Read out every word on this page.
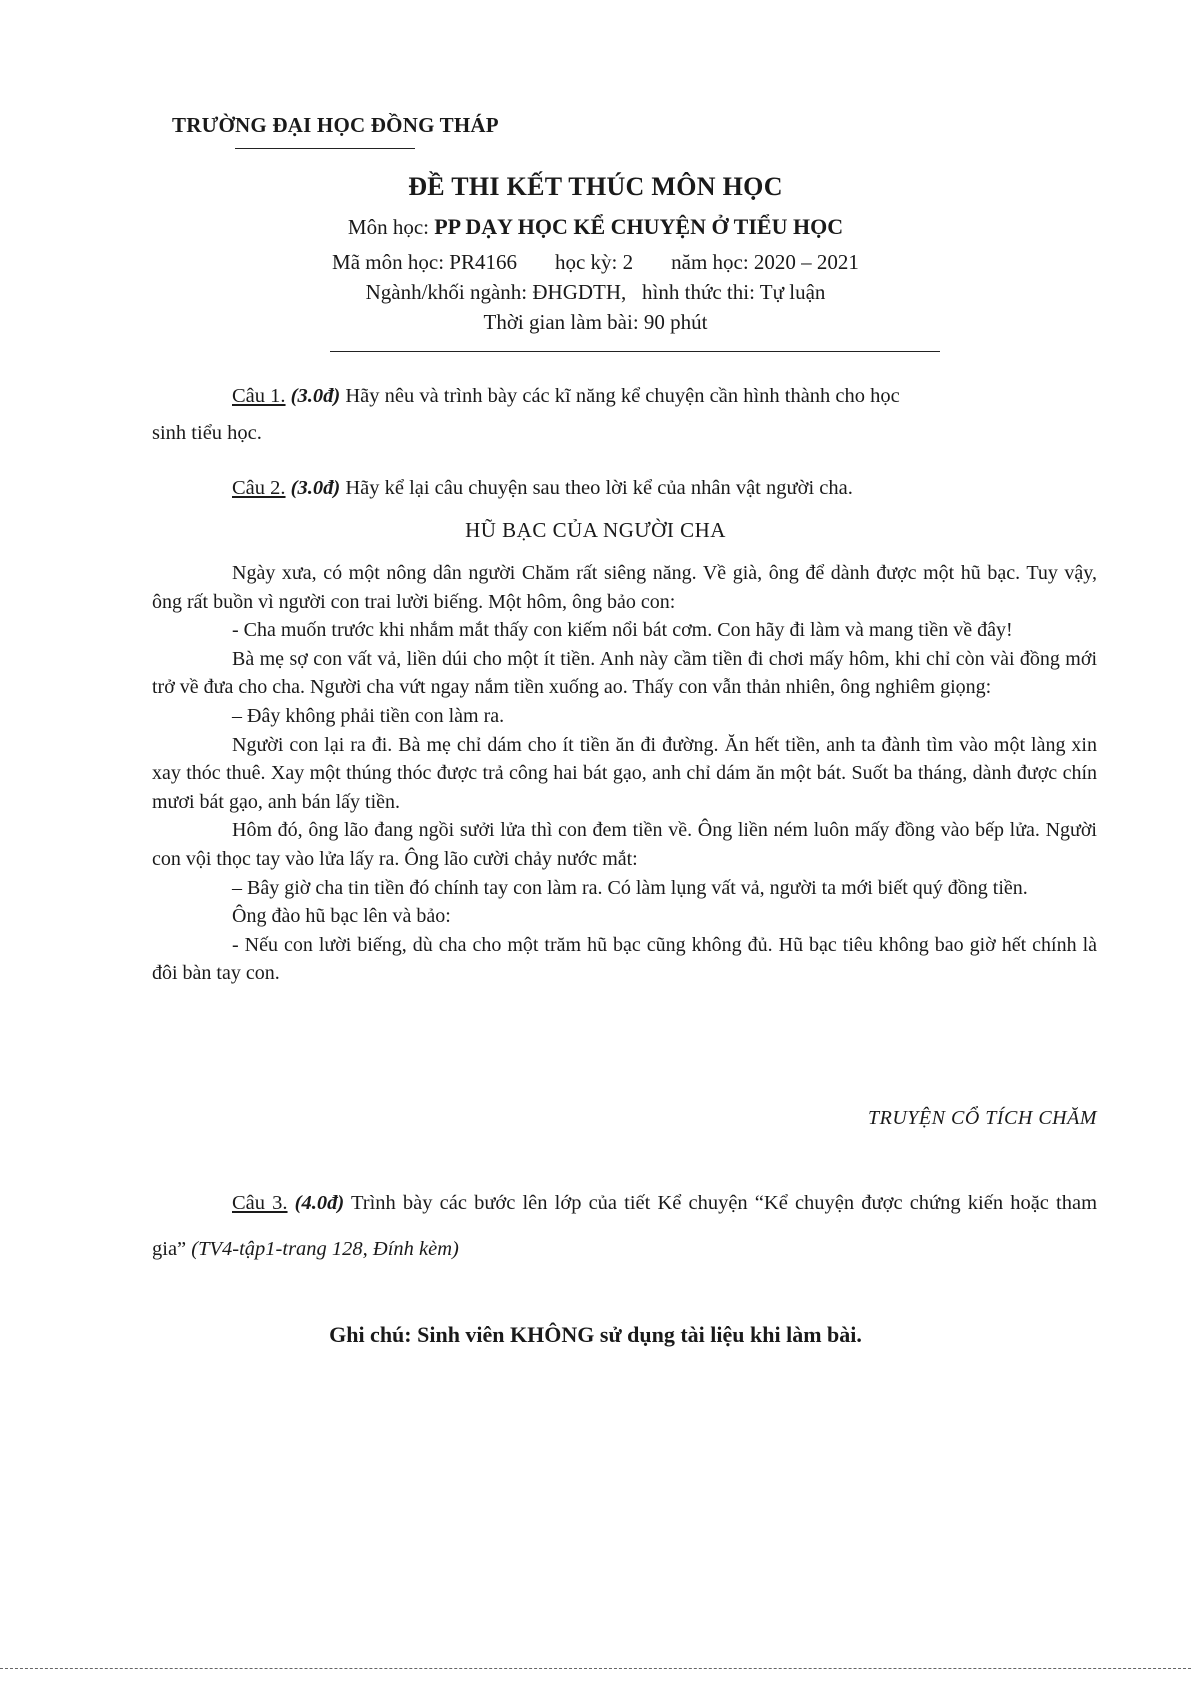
TRƯỜNG ĐẠI HỌC ĐỒNG THÁP
ĐỀ THI KẾT THÚC MÔN HỌC
Môn học: PP DẠY HỌC KỂ CHUYỆN Ở TIỂU HỌC
Mã môn học: PR4166 học kỳ: 2 năm học: 2020 – 2021
Ngành/khối ngành: ĐHGDTH, hình thức thi: Tự luận
Thời gian làm bài: 90 phút

Câu 1. (3.0đ) Hãy nêu và trình bày các kĩ năng kể chuyện cần hình thành cho học

sinh tiểu học.

Câu 2. (3.0đ) Hãy kể lại câu chuyện sau theo lời kể của nhân vật người cha.

HŨ BẠC CỦA NGƯỜI CHA

Ngày xưa, có một nông dân người Chăm rất siêng năng. Về già, ông để dành được một hũ bạc. Tuy vậy, ông rất buồn vì người con trai lười biếng. Một hôm, ông bảo con:

- Cha muốn trước khi nhắm mắt thấy con kiếm nổi bát cơm. Con hãy đi làm và mang tiền về đây!

Bà mẹ sợ con vất vả, liền dúi cho một ít tiền. Anh này cầm tiền đi chơi mấy hôm, khi chỉ còn vài đồng mới trở về đưa cho cha. Người cha vứt ngay nắm tiền xuống ao. Thấy con vẫn thản nhiên, ông nghiêm giọng:

– Đây không phải tiền con làm ra.

Người con lại ra đi. Bà mẹ chỉ dám cho ít tiền ăn đi đường. Ăn hết tiền, anh ta đành tìm vào một làng xin xay thóc thuê. Xay một thúng thóc được trả công hai bát gạo, anh chỉ dám ăn một bát. Suốt ba tháng, dành được chín mươi bát gạo, anh bán lấy tiền.

Hôm đó, ông lão đang ngồi sưởi lửa thì con đem tiền về. Ông liền ném luôn mấy đồng vào bếp lửa. Người con vội thọc tay vào lửa lấy ra. Ông lão cười chảy nước mắt:

– Bây giờ cha tin tiền đó chính tay con làm ra. Có làm lụng vất vả, người ta mới biết quý đồng tiền.

Ông đào hũ bạc lên và bảo:

- Nếu con lười biếng, dù cha cho một trăm hũ bạc cũng không đủ. Hũ bạc tiêu không bao giờ hết chính là đôi bàn tay con.

TRUYỆN CỔ TÍCH CHĂM

Câu 3. (4.0đ) Trình bày các bước lên lớp của tiết Kể chuyện “Kể chuyện được chứng kiến hoặc tham gia” (TV4-tập1-trang 128, Đính kèm)

Ghi chú: Sinh viên KHÔNG sử dụng tài liệu khi làm bài.
